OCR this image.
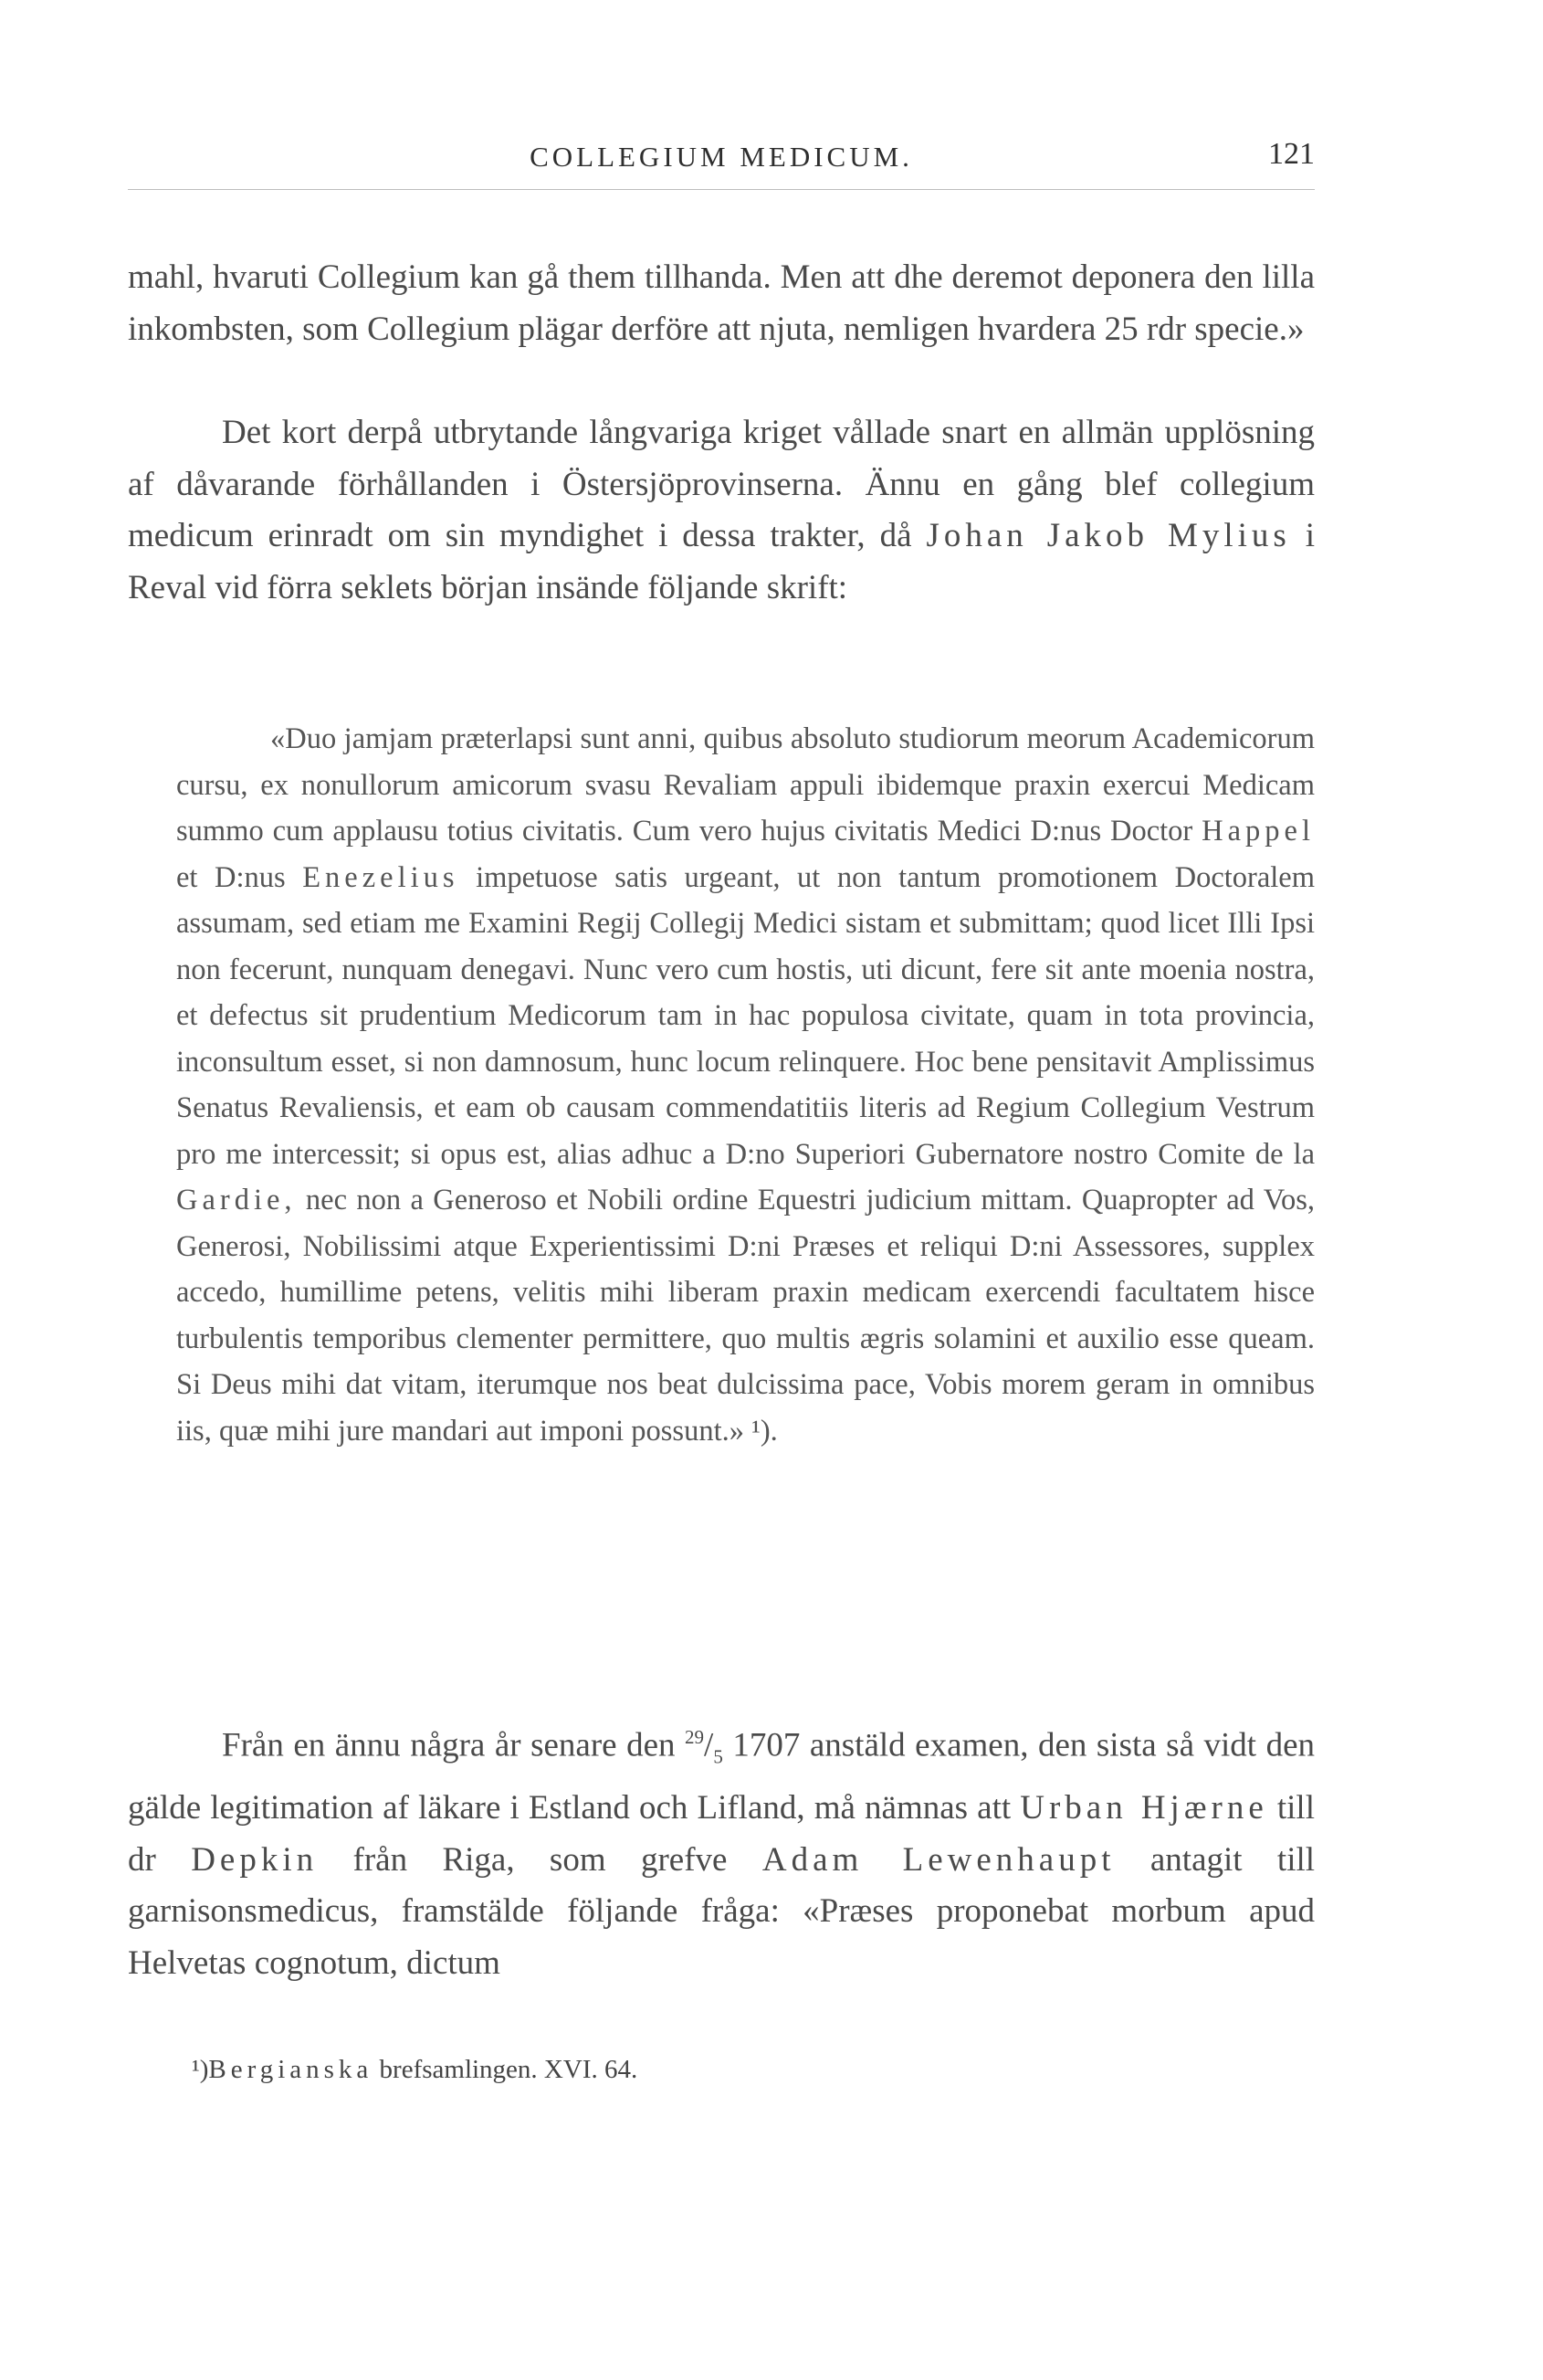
COLLEGIUM MEDICUM.	121

mahl, hvaruti Collegium kan gå them tillhanda. Men att dhe deremot deponera den lilla inkombsten, som Collegium plägar derföre att njuta, nemligen hvardera 25 rdr specie.»

Det kort derpå utbrytande långvariga kriget vållade snart en allmän upplösning af dåvarande förhållanden i Östersjöprovinserna. Ännu en gång blef collegium medicum erinradt om sin myndighet i dessa trakter, då Johan Jakob Mylius i Reval vid förra seklets början insände följande skrift:

«Duo jamjam præterlapsi sunt anni, quibus absoluto studiorum meorum Academicorum cursu, ex nonullorum amicorum svasu Revaliam appuli ibidemque praxin exercui Medicam summo cum applausu totius civitatis. Cum vero hujus civitatis Medici D:nus Doctor Happel et D:nus Enezelius impetuose satis urgeant, ut non tantum promotionem Doctoralem assumam, sed etiam me Examini Regij Collegij Medici sistam et submittam; quod licet Illi Ipsi non fecerunt, nunquam denegavi. Nunc vero cum hostis, uti dicunt, fere sit ante moenia nostra, et defectus sit prudentium Medicorum tam in hac populosa civitate, quam in tota provincia, inconsultum esset, si non damnosum, hunc locum relinquere. Hoc bene pensitavit Amplissimus Senatus Revaliensis, et eam ob causam commendatitiis literis ad Regium Collegium Vestrum pro me intercessit; si opus est, alias adhuc a D:no Superiori Gubernatore nostro Comite de la Gardie, nec non a Generoso et Nobili ordine Equestri judicium mittam. Quapropter ad Vos, Generosi, Nobilissimi atque Experientissimi D:ni Præses et reliqui D:ni Assessores, supplex accedo, humillime petens, velitis mihi liberam praxin medicam exercendi facultatem hisce turbulentis temporibus clementer permittere, quo multis ægris solamini et auxilio esse queam. Si Deus mihi dat vitam, iterumque nos beat dulcissima pace, Vobis morem geram in omnibus iis, quæ mihi jure mandari aut imponi possunt.» ¹).

Från en ännu några år senare den $^{29}/_5$ 1707 anstäld examen, den sista så vidt den gälde legitimation af läkare i Estland och Lifland, må nämnas att Urban Hjærne till dr Depkin från Riga, som grefve Adam Lewenhaupt antagit till garnisonsmedicus, framstälde följande fråga: «Præses proponebat morbum apud Helvetas cognotum, dictum

¹)Bergianska brefsamlingen. XVI. 64.
